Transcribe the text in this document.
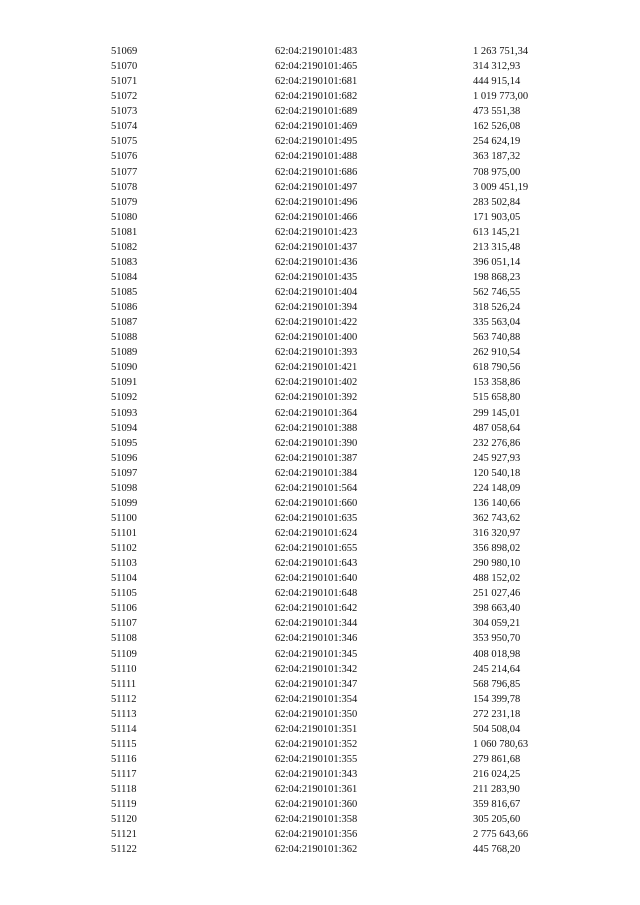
51069	62:04:2190101:483	1 263 751,34
51070	62:04:2190101:465	314 312,93
51071	62:04:2190101:681	444 915,14
51072	62:04:2190101:682	1 019 773,00
51073	62:04:2190101:689	473 551,38
51074	62:04:2190101:469	162 526,08
51075	62:04:2190101:495	254 624,19
51076	62:04:2190101:488	363 187,32
51077	62:04:2190101:686	708 975,00
51078	62:04:2190101:497	3 009 451,19
51079	62:04:2190101:496	283 502,84
51080	62:04:2190101:466	171 903,05
51081	62:04:2190101:423	613 145,21
51082	62:04:2190101:437	213 315,48
51083	62:04:2190101:436	396 051,14
51084	62:04:2190101:435	198 868,23
51085	62:04:2190101:404	562 746,55
51086	62:04:2190101:394	318 526,24
51087	62:04:2190101:422	335 563,04
51088	62:04:2190101:400	563 740,88
51089	62:04:2190101:393	262 910,54
51090	62:04:2190101:421	618 790,56
51091	62:04:2190101:402	153 358,86
51092	62:04:2190101:392	515 658,80
51093	62:04:2190101:364	299 145,01
51094	62:04:2190101:388	487 058,64
51095	62:04:2190101:390	232 276,86
51096	62:04:2190101:387	245 927,93
51097	62:04:2190101:384	120 540,18
51098	62:04:2190101:564	224 148,09
51099	62:04:2190101:660	136 140,66
51100	62:04:2190101:635	362 743,62
51101	62:04:2190101:624	316 320,97
51102	62:04:2190101:655	356 898,02
51103	62:04:2190101:643	290 980,10
51104	62:04:2190101:640	488 152,02
51105	62:04:2190101:648	251 027,46
51106	62:04:2190101:642	398 663,40
51107	62:04:2190101:344	304 059,21
51108	62:04:2190101:346	353 950,70
51109	62:04:2190101:345	408 018,98
51110	62:04:2190101:342	245 214,64
51111	62:04:2190101:347	568 796,85
51112	62:04:2190101:354	154 399,78
51113	62:04:2190101:350	272 231,18
51114	62:04:2190101:351	504 508,04
51115	62:04:2190101:352	1 060 780,63
51116	62:04:2190101:355	279 861,68
51117	62:04:2190101:343	216 024,25
51118	62:04:2190101:361	211 283,90
51119	62:04:2190101:360	359 816,67
51120	62:04:2190101:358	305 205,60
51121	62:04:2190101:356	2 775 643,66
51122	62:04:2190101:362	445 768,20
